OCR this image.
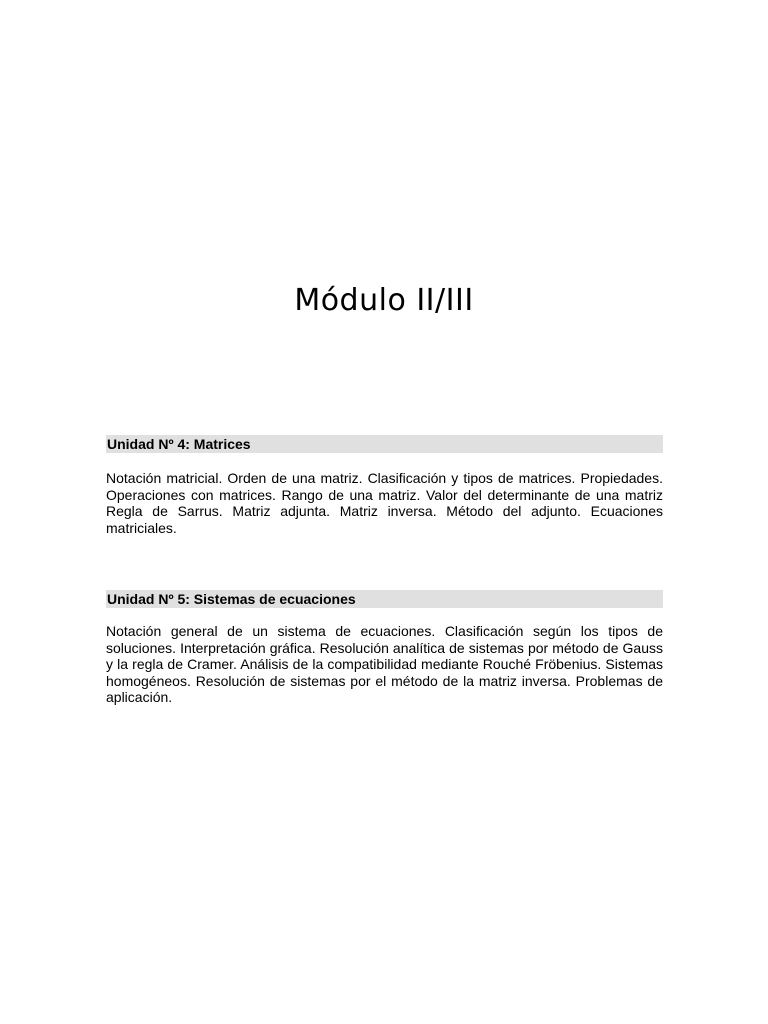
Módulo II/III
Unidad Nº 4: Matrices

Notación matricial. Orden de una matriz. Clasificación y tipos de matrices. Propiedades. Operaciones con matrices. Rango de una matriz. Valor del determinante de una matriz Regla de Sarrus. Matriz adjunta. Matriz inversa. Método del adjunto. Ecuaciones matriciales.

Unidad Nº 5: Sistemas de ecuaciones

Notación general de un sistema de ecuaciones. Clasificación según los tipos de soluciones. Interpretación gráfica. Resolución analítica de sistemas por método de Gauss y la regla de Cramer. Análisis de la compatibilidad mediante Rouché Fröbenius. Sistemas homogéneos. Resolución de sistemas por el método de la matriz inversa. Problemas de aplicación.
